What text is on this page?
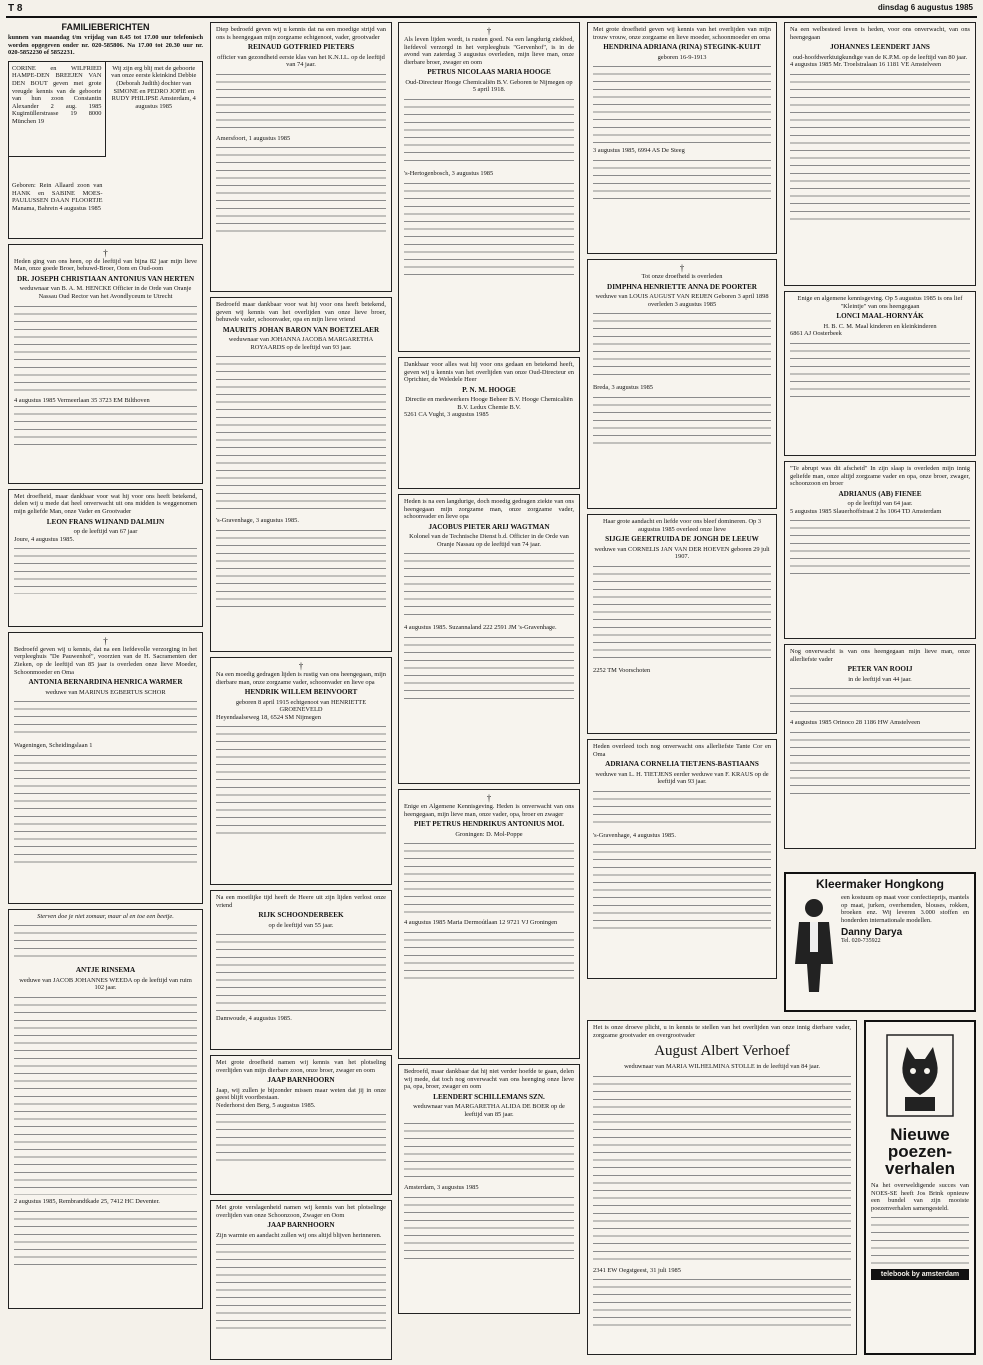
T 8	dinsdag 6 augustus 1985
FAMILIEBERICHTEN
kunnen van maandag t/m vrijdag van 8.45 tot 17.00 uur telefonisch worden opgegeven onder nr. 020-585806. Na 17.00 tot 20.30 uur nr. 020-5852230 of 5852231.
CORINE en WILFRIED HAMPE-DEN BREEJEN VAN DEN BOUT geven met grote vreugde kennis van de geboorte van hun zoon Constantin Alexander 2 aug. 1985 Kugimüllerstrasse 19 8000 München 19
Wij zijn erg blij met de geboorte van onze eerste kleinkind Debbie (Deborah Judith) dochter van SIMONE en PEDRO JOPIE en RUDY PHILIPSE Amsterdam, 4 augustus 1985
Geboren: Rein Allaard zoon van HANK en SABINE MOES-PAULUSSEN DAAN FLOORTJE Manama, Bahrein 4 augustus 1985
†
Heden ging van ons heen, op de leeftijd van bijna 82 jaar mijn lieve Man, onze goede Broer, behuwd-Broer, Oom en Oud-oom
DR. JOSEPH CHRISTIAAN ANTONIUS VAN HERTEN
weduwnaar van B. A. M. HENCKE Officier in de Orde van Oranje Nassau Oud Rector van het Avondlyceum te Utrecht
4 augustus 1985 Vermeerlaan 35 3723 EM Bilthoven
Met droefheid, maar dankbaar voor wat hij voor ons heeft betekend, delen wij u mede dat heel onverwacht uit ons midden is weggenomen mijn geliefde Man, onze Vader en Grootvader
LEON FRANS WIJNAND DALMIJN
op de leeftijd van 67 jaar
Joure, 4 augustus 1985.
†
Bedroefd geven wij u kennis, dat na een liefdevolle verzorging in het verpleeghuis "De Pauwenhof", voorzien van de H. Sacramenten der Zieken, op de leeftijd van 85 jaar is overleden onze lieve Moeder, Schoonmoeder en Oma
ANTONIA BERNARDINA HENRICA WARMER
weduwe van MARINUS EGBERTUS SCHOR
Wageningen, Scheidingslaan 1
Sterven doe je niet zomaar, maar al en toe een beetje.
ANTJE RINSEMA
weduwe van JACOB JOHANNES WEEDA op de leeftijd van ruim 102 jaar.
2 augustus 1985, Rembrandtkade 25, 7412 HC Deventer.
Diep bedroefd geven wij u kennis dat na een moedige strijd van ons is heengegaan mijn zorgzame echtgenoot, vader, grootvader
REINAUD GOTFRIED PIETERS
officier van gezondheid eerste klas van het K.N.I.L. op de leeftijd van 74 jaar.
Amersfoort, 1 augustus 1985
Bedroefd maar dankbaar voor wat hij voor ons heeft betekend, geven wij kennis van het overlijden van onze lieve broer, behuwde vader, schoonvader, opa en mijn lieve vriend
MAURITS JOHAN BARON VAN BOETZELAER
weduwnaar van JOHANNA JACOBA MARGARETHA ROYAARDS op de leeftijd van 93 jaar.
's-Gravenhage, 3 augustus 1985.
†
Na een moedig gedragen lijden is rustig van ons heengegaan, mijn dierbare man, onze zorgzame vader, schoonvader en lieve opa
HENDRIK WILLEM BEINVOORT
geboren 8 april 1915 echtgenoot van HENRIETTE GROENEVELD
Heyendaalseweg 18, 6524 SM Nijmegen
Na een moeilijke tijd heeft de Heere uit zijn lijden verlost onze vriend
RIJK SCHOONDERBEEK
op de leeftijd van 55 jaar.
Damwoude, 4 augustus 1985.
Met grote droefheid namen wij kennis van het plotseling overlijden van mijn dierbare zoon, onze broer, zwager en oom
JAAP BARNHOORN
Jaap, wij zullen je bijzonder missen maar weten dat jij in onze geest blijft voortbestaan.
Nederhorst den Berg, 5 augustus 1985.
Met grote verslagenheid namen wij kennis van het plotselinge overlijden van onze Schoonzoon, Zwager en Oom
JAAP BARNHOORN
Zijn warmte en aandacht zullen wij ons altijd blijven herinneren.
†
Als leven lijden wordt, is rusten goed. Na een langdurig ziekbed, liefdevol verzorgd in het verpleeghuis "Gervenhof", is in de avond van zaterdag 3 augustus overleden, mijn lieve man, onze dierbare broer, zwager en oom
PETRUS NICOLAAS MARIA HOOGE
Oud-Directeur Hooge Chemicaliën B.V. Geboren te Nijmegen op 5 april 1918.
's-Hertogenbosch, 3 augustus 1985
Dankbaar voor alles wat hij voor ons gedaan en betekend heeft, geven wij u kennis van het overlijden van onze Oud-Directeur en Oprichter, de Weledele Heer
P. N. M. HOOGE
Directie en medewerkers Hooge Beheer B.V. Hooge Chemicaliën B.V. Ledux Chemie B.V.
5261 CA Vught, 3 augustus 1985
Heden is na een langdurige, doch moedig gedragen ziekte van ons heengegaan mijn zorgzame man, onze zorgzame vader, schoonvader en lieve opa
JACOBUS PIETER ARIJ WAGTMAN
Kolonel van de Technische Dienst b.d. Officier in de Orde van Oranje Nassau op de leeftijd van 74 jaar.
4 augustus 1985. Suzannaland 222 2591 JM 's-Gravenhage.
†
Enige en Algemene Kennisgeving. Heden is onverwacht van ons heengegaan, mijn lieve man, onze vader, opa, broer en zwager
PIET PETRUS HENDRIKUS ANTONIUS MOL
Groningen: D. Mol-Poppe
4 augustus 1985 Maria Dermoútlaan 12 9721 VJ Groningen
Bedroefd, maar dankbaar dat hij niet verder hoefde te gaan, delen wij mede, dat toch nog onverwacht van ons heenging onze lieve pa, opa, broer, zwager en oom
LEENDERT SCHILLEMANS SZN.
weduwnaar van MARGARETHA ALIDA DE BOER op de leeftijd van 85 jaar.
Amsterdam, 3 augustus 1985
Met grote droefheid geven wij kennis van het overlijden van mijn trouw vrouw, onze zorgzame en lieve moeder, schoonmoeder en oma
HENDRINA ADRIANA (RINA) STEGINK-KUIJT
geboren 16-9-1913
3 augustus 1985, 6994 AS De Steeg
†
Tot onze droefheid is overleden
DIMPHNA HENRIETTE ANNA DE POORTER
weduwe van LOUIS AUGUST VAN REIJEN Geboren 3 april 1898 overleden 3 augustus 1985
Breda, 3 augustus 1985
Haar grote aandacht en liefde voor ons bleef domineren. Op 3 augustus 1985 overleed onze lieve
SIJGJE GEERTRUIDA DE JONGH DE LEEUW
weduwe van CORNELIS JAN VAN DER HOEVEN geboren 29 juli 1907.
2252 TM Voorschoten
Heden overleed toch nog onverwacht ons allerliefste Tante Cor en Oma
ADRIANA CORNELIA TIETJENS-BASTIAANS
weduwe van L. H. TIETJENS eerder weduwe van F. KRAUS op de leeftijd van 93 jaar.
's-Gravenhage, 4 augustus 1985.
Na een welbesteed leven is heden, voor ons onverwacht, van ons heengegaan
JOHANNES LEENDERT JANS
oud-hoofdwerktuigkundige van de K.P.M. op de leeftijd van 80 jaar.
4 augustus 1985 Mr. Troelstralaan 16 1181 VE Amstelveen
Enige en algemene kennisgeving. Op 5 augustus 1985 is ons lief "Kleintje" van ons heengegaan
LONCI MAAL-HORNYÁK
H. B. C. M. Maal kinderen en kleinkinderen
6861 AJ Oosterbeek
"Te abrupt was dit afscheid" In zijn slaap is overleden mijn innig geliefde man, onze altijd zorgzame vader en opa, onze broer, zwager, schoonzoon en broer
ADRIANUS (AB) FIENEE
op de leeftijd van 64 jaar.
5 augustus 1985 Slauerhoffstraat 2 hs 1064 TD Amsterdam
Nog onverwacht is van ons heengegaan mijn lieve man, onze allerliefste vader
PETER VAN ROOIJ
in de leeftijd van 44 jaar.
4 augustus 1985 Orinoco 28 1186 HW Amstelveen
Kleermaker Hongkong
een kostuum op maat voor confectieprijs, mantels op maat, jurken, overhemden, blouses, rokken, broeken enz. Wij leveren 3.000 stoffen en honderden internationale modellen.
Danny Darya
Tel. 020-735922
Het is onze droeve plicht, u in kennis te stellen van het overlijden van onze innig dierbare vader, zorgzame grootvader en overgrootvader
August Albert Verhoef
weduwnaar van MARIA WILHELMINA STOLLE in de leeftijd van 84 jaar.
2341 EW Oegstgeest, 31 juli 1985
Nieuwe
poezen-
verhalen
Na het overweldigende succes van NOES-SE heeft Jos Brink opnieuw een bundel van zijn mooiste poezenverhalen samengesteld.
telebook by amsterdam
